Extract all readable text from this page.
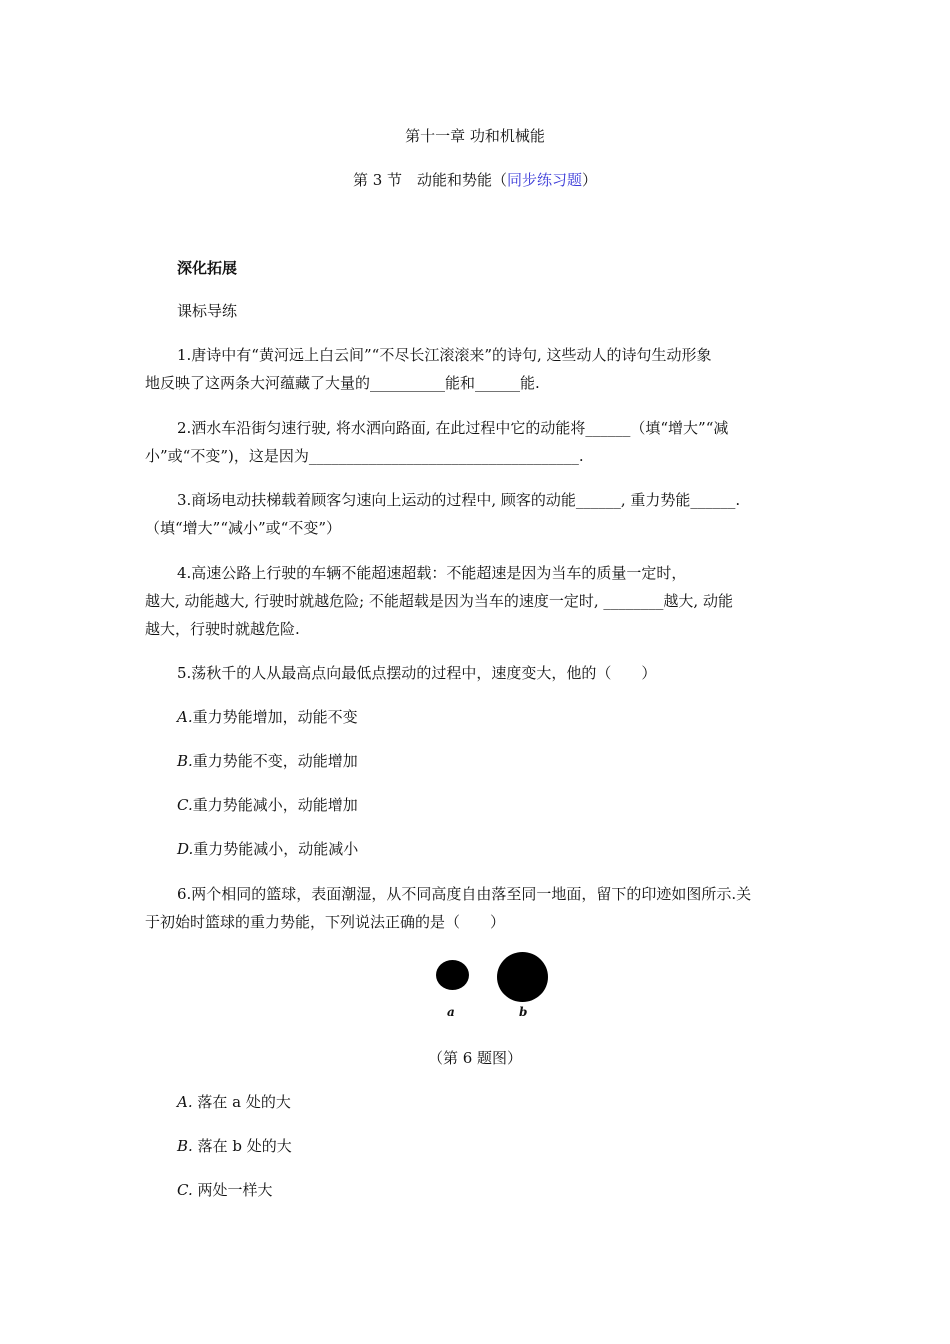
第十一章 功和机械能
第 3 节　动能和势能（同步练习题）
深化拓展
课标导练
1.唐诗中有“黄河远上白云间”“不尽长江滚滚来”的诗句, 这些动人的诗句生动形象
地反映了这两条大河蕴藏了大量的__________能和______能.
2.洒水车沿街匀速行驶, 将水洒向路面, 在此过程中它的动能将______（填“增大”“减
小”或“不变”)，这是因为____________________________________.
3.商场电动扶梯载着顾客匀速向上运动的过程中, 顾客的动能______, 重力势能______.
（填“增大”“减小”或“不变”）
4.高速公路上行驶的车辆不能超速超载：不能超速是因为当车的质量一定时，
越大, 动能越大, 行驶时就越危险; 不能超载是因为当车的速度一定时, ________越大, 动能
越大，行驶时就越危险.
5.荡秋千的人从最高点向最低点摆动的过程中，速度变大，他的（　　）
A.重力势能增加，动能不变
B.重力势能不变，动能增加
C.重力势能减小，动能增加
D.重力势能减小，动能减小
6.两个相同的篮球，表面潮湿，从不同高度自由落至同一地面，留下的印迹如图所示.关
于初始时篮球的重力势能，下列说法正确的是（　　）
a	b
（第 6 题图）
A. 落在 a 处的大
B. 落在 b 处的大
C. 两处一样大
